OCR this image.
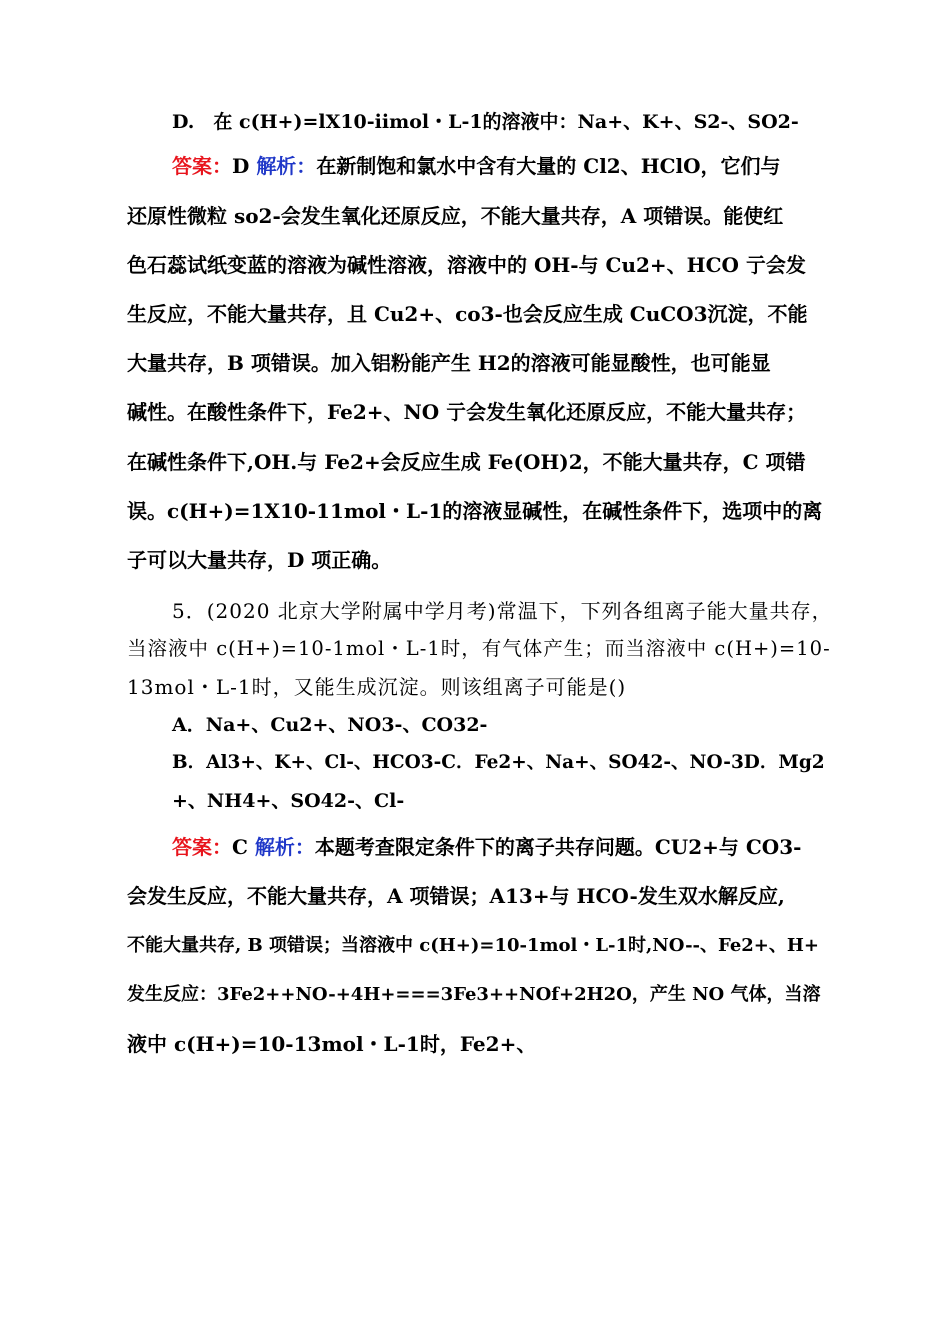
D.　在 c(H+)=lX10-iimol・L-1的溶液中：Na+、K+、S2-、SO2-
答案：D 解析：在新制饱和氯水中含有大量的 Cl2、HClO，它们与
还原性微粒 so2-会发生氧化还原反应，不能大量共存，A 项错误。能使红
色石蕊试纸变蓝的溶液为碱性溶液，溶液中的 OH-与 Cu2+、HCO 亍会发
生反应，不能大量共存，且 Cu2+、co3-也会反应生成 CuCO3沉淀，不能
大量共存，B 项错误。加入铝粉能产生 H2的溶液可能显酸性，也可能显
碱性。在酸性条件下，Fe2+、NO 亍会发生氧化还原反应，不能大量共存；
在碱性条件下,OH.与 Fe2+会反应生成 Fe(OH)2，不能大量共存，C 项错
误。c(H+)=1X10-11mol・L-1的溶液显碱性，在碱性条件下，选项中的离
子可以大量共存，D 项正确。
5．(2020 北京大学附属中学月考)常温下，下列各组离子能大量共存，
当溶液中 c(H+)=10-1mol・L-1时，有气体产生；而当溶液中 c(H+)=10-
13mol・L-1时，又能生成沉淀。则该组离子可能是()
A．Na+、Cu2+、NO3-、CO32-
B．Al3+、K+、Cl-、HCO3-C．Fe2+、Na+、SO42-、NO-3D．Mg2
+、NH4+、SO42-、Cl-
答案：C 解析：本题考查限定条件下的离子共存问题。CU2+与 CO3-
会发生反应，不能大量共存，A 项错误；A13+与 HCO-发生双水解反应,
不能大量共存, B 项错误；当溶液中 c(H+)=10-1mol・L-1时,NO--、Fe2+、H+
发生反应：3Fe2++NO-+4H+===3Fe3++NOf+2H2O，产生 NO 气体，当溶
液中 c(H+)=10-13mol・L-1时，Fe2+、
